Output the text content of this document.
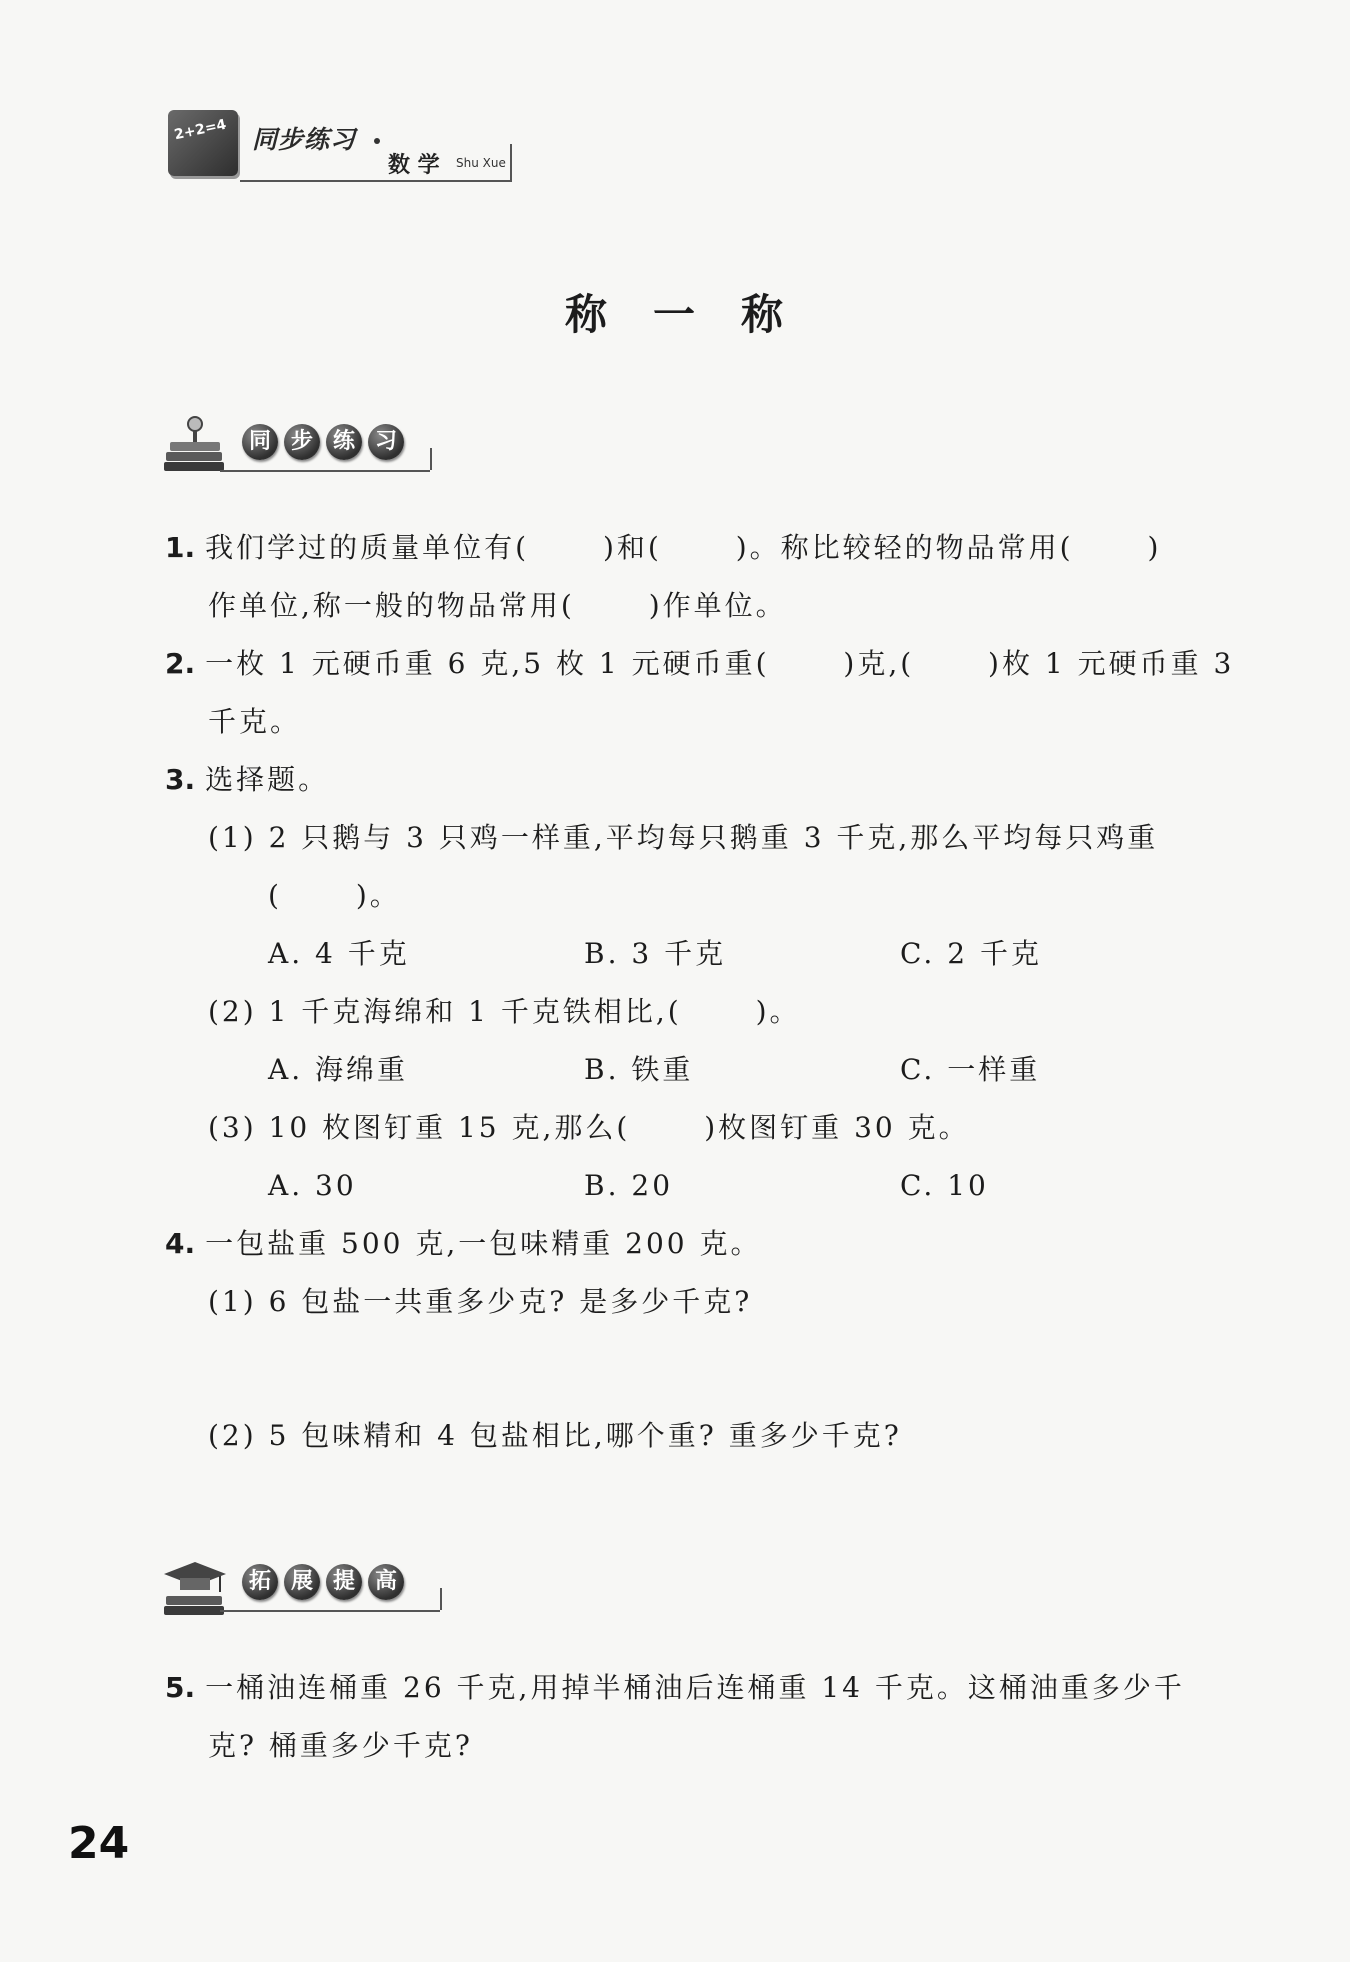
2+2=4 同步练习
数 学 Shu Xue
称　一　称
同 步 练 习
1. 我们学过的质量单位有(　　 )和(　　 )。称比较轻的物品常用(　　 )
作单位,称一般的物品常用(　　 )作单位。
2. 一枚 1 元硬币重 6 克,5 枚 1 元硬币重(　　 )克,(　　 )枚 1 元硬币重 3
千克。
3. 选择题。
(1) 2 只鹅与 3 只鸡一样重,平均每只鹅重 3 千克,那么平均每只鸡重
(　　 )。
A. 4 千克	B. 3 千克	C. 2 千克
(2) 1 千克海绵和 1 千克铁相比,(　　 )。
A. 海绵重	B. 铁重	C. 一样重
(3) 10 枚图钉重 15 克,那么(　　 )枚图钉重 30 克。
A. 30	B. 20	C. 10
4. 一包盐重 500 克,一包味精重 200 克。
(1) 6 包盐一共重多少克? 是多少千克?
(2) 5 包味精和 4 包盐相比,哪个重? 重多少千克?
拓 展 提 高
5. 一桶油连桶重 26 千克,用掉半桶油后连桶重 14 千克。这桶油重多少千
克? 桶重多少千克?
24
